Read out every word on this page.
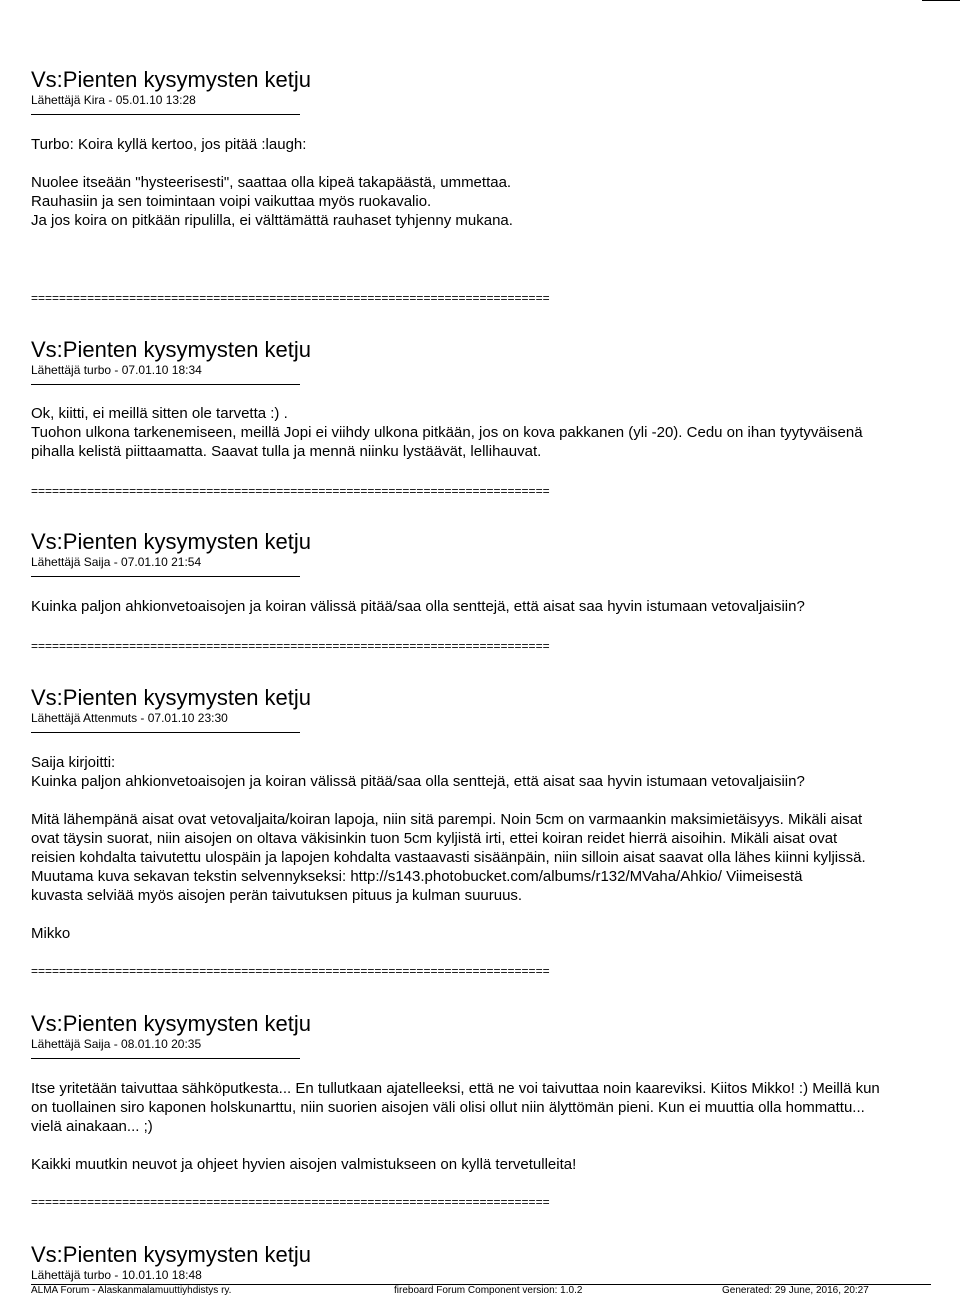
Vs:Pienten kysymysten ketju
Lähettäjä Kira - 05.01.10 13:28

Turbo: Koira kyllä kertoo, jos pitää :laugh:

Nuolee itseään "hysteerisesti", saattaa olla kipeä takapäästä, ummettaa.

Rauhasiin ja sen toimintaan voipi vaikuttaa myös ruokavalio.

Ja jos koira on pitkään ripulilla, ei välttämättä rauhaset tyhjenny mukana.

==========================================================================
Vs:Pienten kysymysten ketju
Lähettäjä turbo - 07.01.10 18:34

Ok, kiitti, ei meillä sitten ole tarvetta :) .

Tuohon ulkona tarkenemiseen, meillä Jopi ei viihdy ulkona pitkään, jos on kova pakkanen (yli -20). Cedu on ihan tyytyväisenä

pihalla kelistä piittaamatta. Saavat tulla ja mennä niinku lystäävät, lellihauvat.

==========================================================================
Vs:Pienten kysymysten ketju
Lähettäjä Saija - 07.01.10 21:54

Kuinka paljon ahkionvetoaisojen ja koiran välissä pitää/saa olla senttejä, että aisat saa hyvin istumaan vetovaljaisiin?

==========================================================================
Vs:Pienten kysymysten ketju
Lähettäjä Attenmuts - 07.01.10 23:30

Saija kirjoitti:

Kuinka paljon ahkionvetoaisojen ja koiran välissä pitää/saa olla senttejä, että aisat saa hyvin istumaan vetovaljaisiin?

Mitä lähempänä aisat ovat vetovaljaita/koiran lapoja, niin sitä parempi. Noin 5cm on varmaankin maksimietäisyys. Mikäli aisat

ovat täysin suorat, niin aisojen on oltava väkisinkin tuon 5cm kyljistä irti, ettei koiran reidet hierrä aisoihin. Mikäli aisat ovat

reisien kohdalta taivutettu ulospäin ja lapojen kohdalta vastaavasti sisäänpäin, niin silloin aisat saavat olla lähes kiinni kyljissä.

Muutama kuva sekavan tekstin selvennykseksi: http://s143.photobucket.com/albums/r132/MVaha/Ahkio/ Viimeisestä

kuvasta selviää myös aisojen perän taivutuksen pituus ja kulman suuruus.

Mikko

==========================================================================
Vs:Pienten kysymysten ketju
Lähettäjä Saija - 08.01.10 20:35

Itse yritetään taivuttaa sähköputkesta... En tullutkaan ajatelleeksi, että ne voi taivuttaa noin kaareviksi. Kiitos Mikko! :) Meillä kun

on tuollainen siro kaponen holskunarttu, niin suorien aisojen väli olisi ollut niin älyttömän pieni. Kun ei muuttia olla hommattu...

vielä ainakaan... ;)

Kaikki muutkin neuvot ja ohjeet hyvien aisojen valmistukseen on kyllä tervetulleita!

==========================================================================
Vs:Pienten kysymysten ketju
Lähettäjä turbo - 10.01.10 18:48
ALMA Forum - Alaskanmalamuuttiyhdistys ry.	fireboard Forum Component version: 1.0.2	Generated: 29 June, 2016, 20:27
